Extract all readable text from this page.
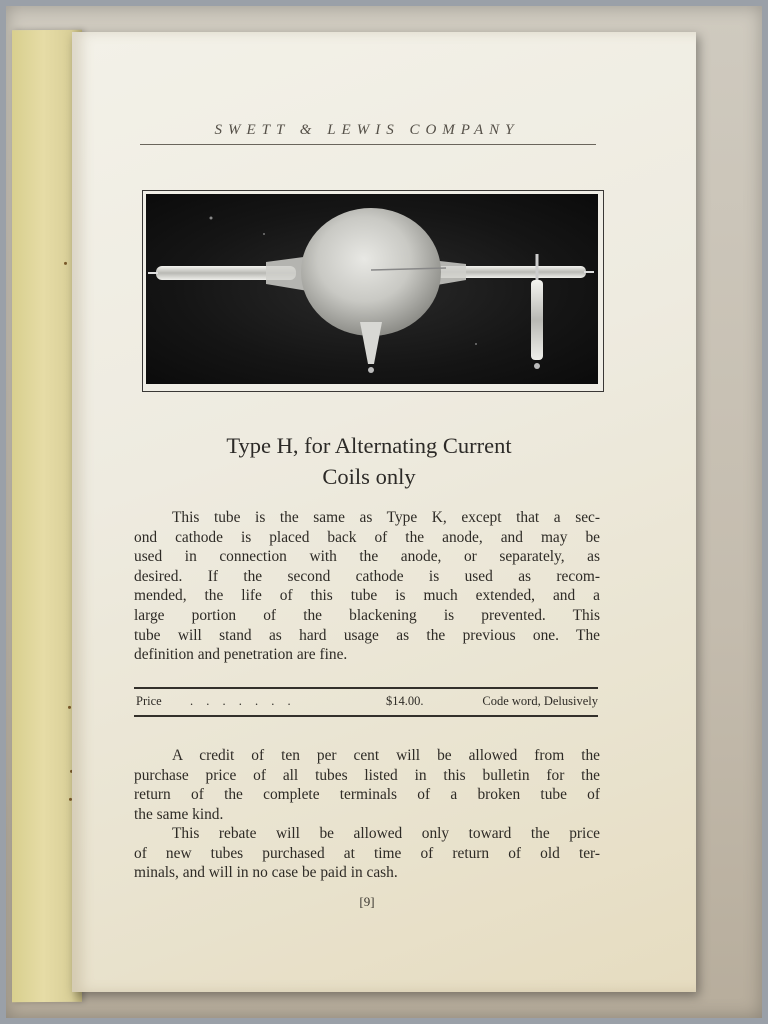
SWETT & LEWIS COMPANY
Type H, for Alternating Current
Coils only
This tube is the same as Type K, except that a sec-
ond cathode is placed back of the anode, and may be
used in connection with the anode, or separately, as
desired. If the second cathode is used as recom-
mended, the life of this tube is much extended, and a
large portion of the blackening is prevented. This
tube will stand as hard usage as the previous one. The
definition and penetration are fine.
Price . . . . . . .	$14.00.	Code word, Delusively
A credit of ten per cent will be allowed from the
purchase price of all tubes listed in this bulletin for the
return of the complete terminals of a broken tube of
the same kind.
This rebate will be allowed only toward the price
of new tubes purchased at time of return of old ter-
minals, and will in no case be paid in cash.
[9]
